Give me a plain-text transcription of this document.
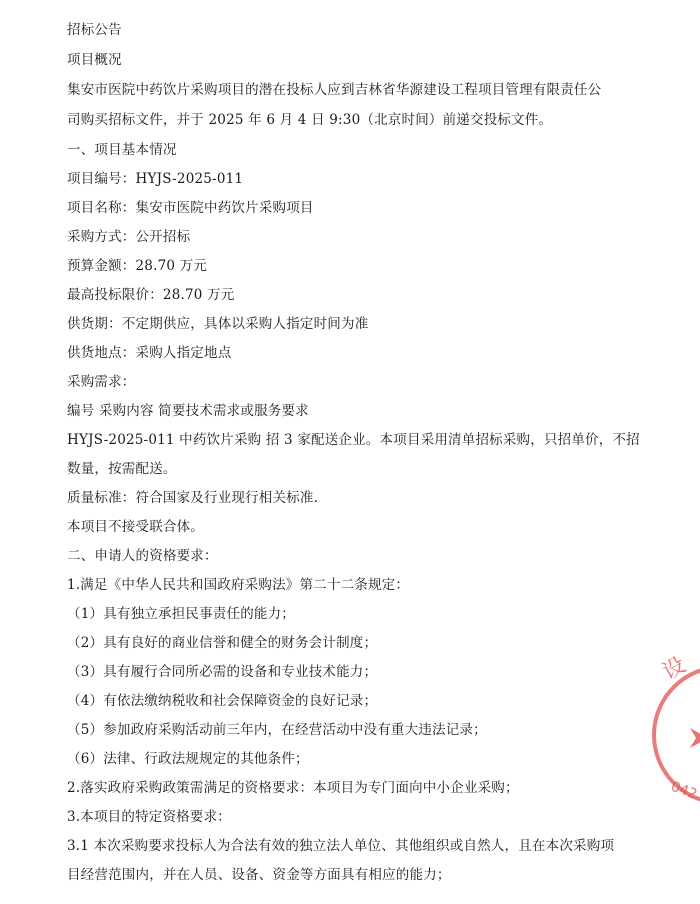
招标公告
项目概况
集安市医院中药饮片采购项目的潜在投标人应到吉林省华源建设工程项目管理有限责任公
司购买招标文件，并于 2025 年 6 月 4 日 9:30（北京时间）前递交投标文件。
一、项目基本情况
项目编号：HYJS-2025-011
项目名称：集安市医院中药饮片采购项目
采购方式：公开招标
预算金额：28.70 万元
最高投标限价：28.70 万元
供货期：不定期供应，具体以采购人指定时间为准
供货地点：采购人指定地点
采购需求：
编号 采购内容 简要技术需求或服务要求
HYJS-2025-011 中药饮片采购 招 3 家配送企业。本项目采用清单招标采购，只招单价，不招
数量，按需配送。
质量标准：符合国家及行业现行相关标准.
本项目不接受联合体。
二、申请人的资格要求：
1.满足《中华人民共和国政府采购法》第二十二条规定：
（1）具有独立承担民事责任的能力；
（2）具有良好的商业信誉和健全的财务会计制度；
（3）具有履行合同所必需的设备和专业技术能力；
（4）有依法缴纳税收和社会保障资金的良好记录；
（5）参加政府采购活动前三年内，在经营活动中没有重大违法记录；
（6）法律、行政法规规定的其他条件；
2.落实政府采购政策需满足的资格要求：本项目为专门面向中小企业采购；
3.本项目的特定资格要求：
3.1 本次采购要求投标人为合法有效的独立法人单位、其他组织或自然人，且在本次采购项
目经营范围内，并在人员、设备、资金等方面具有相应的能力；
设
042
